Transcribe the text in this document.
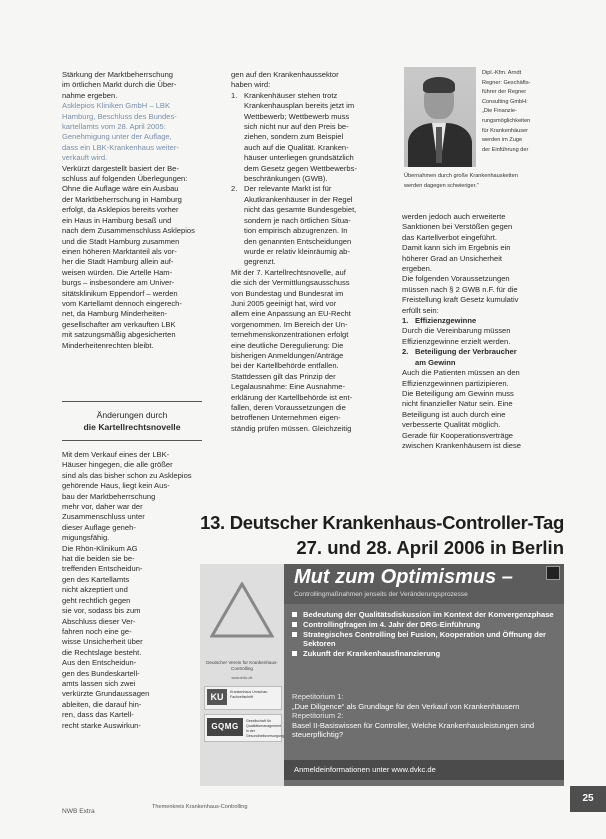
Stärkung der Marktbeherrschung

im örtlichen Markt durch die Über-

nahme ergeben.

Asklepios Kliniken GmbH – LBK

Hamburg, Beschluss des Bundes-

kartellamts vom 28. April 2005:

Genehmigung unter der Auflage,

dass ein LBK-Krankenhaus weiter-

verkauft wird.

Verkürzt dargestellt basiert der Be-

schluss auf folgenden Überlegungen:

Ohne die Auflage wäre ein Ausbau

der Marktbeherrschung in Hamburg

erfolgt, da Asklepios bereits vorher

ein Haus in Hamburg besaß und

nach dem Zusammenschluss Asklepios

und die Stadt Hamburg zusammen

einen höheren Marktanteil als vor-

her die Stadt Hamburg allein auf-

weisen würden. Die Artelle Ham-

burgs – insbesondere am Univer-

sitätsklinikum Eppendorf – werden

vom Kartellamt dennoch eingerech-

net, da Hamburg Minderheiten-

gesellschafter am verkauften LBK

mit satzungsmäßig abgesicherten

Minderheitenrechten bleibt.

Änderungen durch
die Kartellrechtsnovelle

Mit dem Verkauf eines der LBK-

Häuser hingegen, die alle größer

sind als das bisher schon zu Asklepios

gehörende Haus, liegt kein Aus-

bau der Marktbeherrschung

mehr vor, daher war der

Zusammenschluss unter

dieser Auflage geneh-

migungsfähig.

Die Rhön-Klinikum AG

hat die beiden sie be-

treffenden Entscheidun-

gen des Kartellamts

nicht akzeptiert und

geht rechtlich gegen

sie vor, sodass bis zum

Abschluss dieser Ver-

fahren noch eine ge-

wisse Unsicherheit über

die Rechtslage besteht.

Aus den Entscheidun-

gen des Bundeskartell-

amts lassen sich zwei

verkürzte Grundaussagen

ableiten, die darauf hin-

ren, dass das Kartell-

recht starke Auswirkun-

gen auf den Krankenhaussektor

haben wird:

1. Krankenhäuser stehen trotz

Krankenhausplan bereits jetzt im

Wettbewerb; Wettbewerb muss

sich nicht nur auf den Preis be-

ziehen, sondern zum Beispiel

auch auf die Qualität. Kranken-

häuser unterliegen grundsätzlich

dem Gesetz gegen Wettbewerbs-

beschränkungen (GWB).

2. Der relevante Markt ist für

Akutkrankenhäuser in der Regel

nicht das gesamte Bundesgebiet,

sondern je nach örtlichen Situa-

tion empirisch abzugrenzen. In

den genannten Entscheidungen

wurde er relativ kleinräumig ab-

gegrenzt.

Mit der 7. Kartellrechtsnovelle, auf

die sich der Vermittlungsausschuss

von Bundestag und Bundesrat im

Juni 2005 geeinigt hat, wird vor

allem eine Anpassung an EU-Recht

vorgenommen. Im Bereich der Un-

ternehmenskonzentrationen erfolgt

eine deutliche Deregulierung: Die

bisherigen Anmeldungen/Anträge

bei der Kartellbehörde entfallen.

Stattdessen gilt das Prinzip der

Legalausnahme: Eine Ausnahme-

erklärung der Kartellbehörde ist ent-

fallen, deren Voraussetzungen die

betroffenen Unternehmen eigen-

ständig prüfen müssen. Gleichzeitig

Dipl.-Kfm. Arndt
Regner: Geschäfts-
führer der Regner
Consulting GmbH:
„Die Finanzie-
rungsmöglichkeiten
für Krankenhäuser
werden im Zuge
der Einführung der
Übernahmen durch große Krankenhausketten
werden dagegen schwieriger.“

werden jedoch auch erweiterte

Sanktionen bei Verstößen gegen

das Kartellverbot eingeführt.

Damit kann sich im Ergebnis ein

höherer Grad an Unsicherheit

ergeben.

Die folgenden Voraussetzungen

müssen nach § 2 GWB n.F. für die

Freistellung kraft Gesetz kumulativ

erfüllt sein:

1. Effizienzgewinne

Durch die Vereinbarung müssen

Effizienzgewinne erzielt werden.

2. Beteiligung der Verbraucher

am Gewinn

Auch die Patienten müssen an den

Effizienzgewinnen partizipieren.

Die Beteiligung am Gewinn muss

nicht finanzieller Natur sein. Eine

Beteiligung ist auch durch eine

verbesserte Qualität möglich.

Gerade für Kooperationsverträge

zwischen Krankenhäusern ist diese

13. Deutscher Krankenhaus-Controller-Tag
27. und 28. April 2006 in Berlin
Deutscher Verein für Krankenhaus-Controlling
www.dvkc.de
KU	Krankenhaus Umschau Fachzeitschrift
GQMG
Gesellschaft für Qualitätsmanagement in der Gesundheitsversorgung
Mut zum Optimismus –
Controllingmaßnahmen jenseits der Veränderungsprozesse
Bedeutung der Qualitätsdiskussion im Kontext der Konvergenzphase
Controllingfragen im 4. Jahr der DRG-Einführung
Strategisches Controlling bei Fusion, Kooperation und Öffnung der Sektoren
Zukunft der Krankenhausfinanzierung
Repetitorium 1:
„Due Diligence“ als Grundlage für den Verkauf von Krankenhäusern
Repetitorium 2:
Basel II-Basiswissen für Controller, Welche Krankenhausleistungen sind steuerpflichtig?
Anmeldeinformationen unter www.dvkc.de
25
NWB Extra
Themenkreis Krankenhaus-Controlling
